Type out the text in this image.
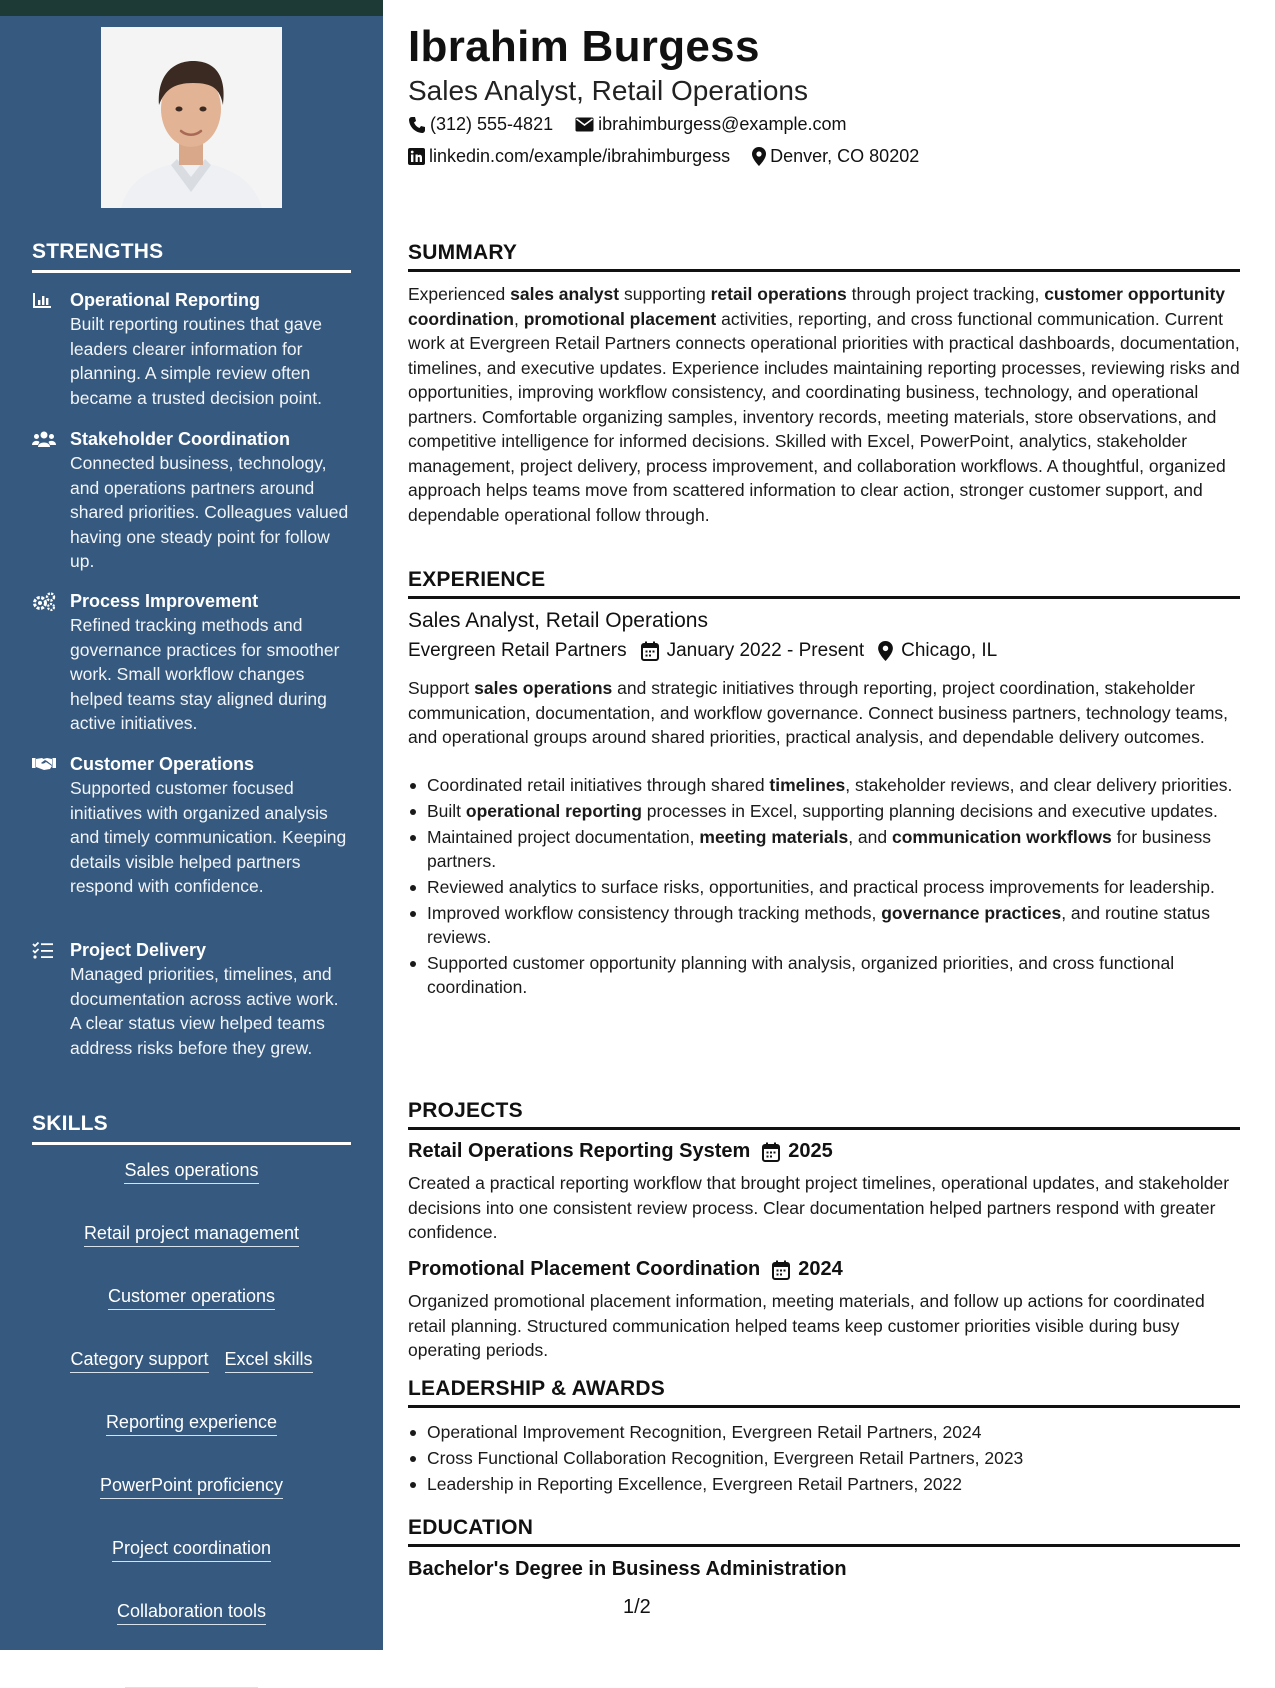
STRENGTHS
Operational Reporting
Built reporting routines that gave leaders clearer information for planning. A simple review often became a trusted decision point.
Stakeholder Coordination
Connected business, technology, and operations partners around shared priorities. Colleagues valued having one steady point for follow up.
Process Improvement
Refined tracking methods and governance practices for smoother work. Small workflow changes helped teams stay aligned during active initiatives.
Customer Operations
Supported customer focused initiatives with organized analysis and timely communication. Keeping details visible helped partners respond with confidence.
Project Delivery
Managed priorities, timelines, and documentation across active work. A clear status view helped teams address risks before they grew.
SKILLS
Sales operations
Retail project management
Customer operations
Category support Excel skills
Reporting experience
PowerPoint proficiency
Project coordination
Collaboration tools
Retailer systems
Ibrahim Burgess
Sales Analyst, Retail Operations
(312) 555-4821	ibrahimburgess@example.com
linkedin.com/example/ibrahimburgess Denver, CO 80202
SUMMARY

Experienced sales analyst supporting retail operations through project tracking, customer opportunity coordination, promotional placement activities, reporting, and cross functional communication. Current work at Evergreen Retail Partners connects operational priorities with practical dashboards, documentation, timelines, and executive updates. Experience includes maintaining reporting processes, reviewing risks and opportunities, improving workflow consistency, and coordinating business, technology, and operational partners. Comfortable organizing samples, inventory records, meeting materials, store observations, and competitive intelligence for informed decisions. Skilled with Excel, PowerPoint, analytics, stakeholder management, project delivery, process improvement, and collaboration workflows. A thoughtful, organized approach helps teams move from scattered information to clear action, stronger customer support, and dependable operational follow through.

EXPERIENCE
Sales Analyst, Retail Operations
Evergreen Retail Partners January 2022 - Present Chicago, IL

Support sales operations and strategic initiatives through reporting, project coordination, stakeholder communication, documentation, and workflow governance. Connect business partners, technology teams, and operational groups around shared priorities, practical analysis, and dependable delivery outcomes.

Coordinated retail initiatives through shared timelines, stakeholder reviews, and clear delivery priorities.
Built operational reporting processes in Excel, supporting planning decisions and executive updates.
Maintained project documentation, meeting materials, and communication workflows for business partners.
Reviewed analytics to surface risks, opportunities, and practical process improvements for leadership.
Improved workflow consistency through tracking methods, governance practices, and routine status reviews.
Supported customer opportunity planning with analysis, organized priorities, and cross functional coordination.
PROJECTS
Retail Operations Reporting System 2025

Created a practical reporting workflow that brought project timelines, operational updates, and stakeholder decisions into one consistent review process. Clear documentation helped partners respond with greater confidence.

Promotional Placement Coordination 2024

Organized promotional placement information, meeting materials, and follow up actions for coordinated retail planning. Structured communication helped teams keep customer priorities visible during busy operating periods.

LEADERSHIP & AWARDS
Operational Improvement Recognition, Evergreen Retail Partners, 2024
Cross Functional Collaboration Recognition, Evergreen Retail Partners, 2023
Leadership in Reporting Excellence, Evergreen Retail Partners, 2022
EDUCATION
Bachelor's Degree in Business Administration
1/2
